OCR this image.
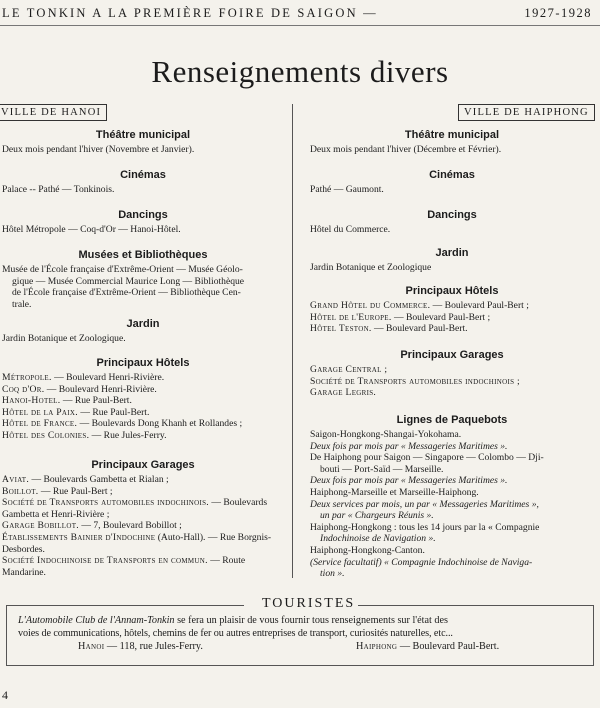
LE TONKIN A LA PREMIÈRE FOIRE DE SAIGON —	1927-1928
Renseignements divers
VILLE DE HANOI	VILLE DE HAIPHONG
Théâtre municipal

Deux mois pendant l'hiver (Novembre et Janvier).

Cinémas

Palace -- Pathé — Tonkinois.

Dancings

Hôtel Métropole — Coq-d'Or — Hanoi-Hôtel.

Musées et Bibliothèques

Musée de l'École française d'Extrême-Orient — Musée Géolo-
gique — Musée Commercial Maurice Long — Bibliothèque
de l'École française d'Extrême-Orient — Bibliothèque Cen-
trale.

Jardin

Jardin Botanique et Zoologique.

Principaux Hôtels

Métropole. — Boulevard Henri-Rivière.
Coq d'Or. — Boulevard Henri-Rivière.
Hanoi-Hotel. — Rue Paul-Bert.
Hôtel de la Paix. — Rue Paul-Bert.
Hôtel de France. — Boulevards Dong Khanh et Rollandes ;
Hôtel des Colonies. — Rue Jules-Ferry.

Principaux Garages

Aviat. — Boulevards Gambetta et Rialan ;
Boillot. — Rue Paul-Bert ;
Société de Transports automobiles indochinois. — Boulevards Gambetta et Henri-Rivière ;
Garage Bobillot. — 7, Boulevard Bobillot ;
Établissements Bainier d'Indochine (Auto-Hall). — Rue Borgnis-Desbordes.
Société Indochinoise de Transports en commun. — Route Mandarine.

Théâtre municipal

Deux mois pendant l'hiver (Décembre et Février).

Cinémas

Pathé — Gaumont.

Dancings

Hôtel du Commerce.

Jardin

Jardin Botanique et Zoologique

Principaux Hôtels

Grand Hôtel du Commerce. — Boulevard Paul-Bert ;
Hôtel de l'Europe. — Boulevard Paul-Bert ;
Hôtel Teston. — Boulevard Paul-Bert.

Principaux Garages

Garage Central ;
Société de Transports automobiles indochinois ;
Garage Legris.

Lignes de Paquebots

Saigon-Hongkong-Shangai-Yokohama.
Deux fois par mois par « Messageries Maritimes ».
De Haiphong pour Saigon — Singapore — Colombo — Dji-
bouti — Port-Saïd — Marseille.
Deux fois par mois par « Messageries Maritimes ».
Haiphong-Marseille et Marseille-Haiphong.
Deux services par mois, un par « Messageries Maritimes »,
un par « Chargeurs Réunis ».
Haiphong-Hongkong : tous les 14 jours par la « Compagnie
Indochinoise de Navigation ».
Haiphong-Hongkong-Canton.
(Service facultatif) « Compagnie Indochinoise de Naviga-
tion ».

TOURISTES
L'Automobile Club de l'Annam-Tonkin se fera un plaisir de vous fournir tous renseignements sur l'état des
voies de communications, hôtels, chemins de fer ou autres entreprises de transport, curiosités naturelles, etc...
Hanoi — 118, rue Jules-Ferry.	Haiphong — Boulevard Paul-Bert.
4
